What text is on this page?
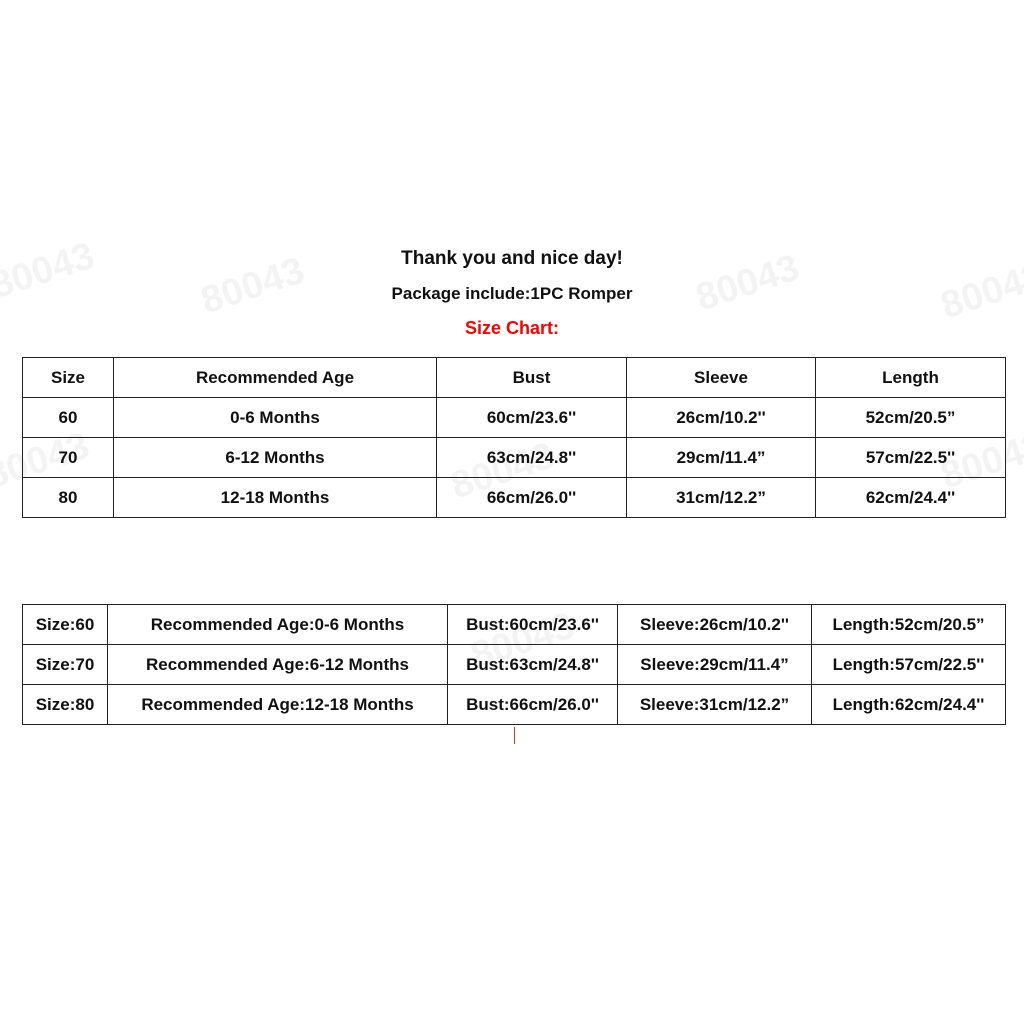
Thank you and nice day!
Package include:1PC Romper
Size Chart:
Size	Recommended Age	Bust	Sleeve	Length
60	0-6 Months	60cm/23.6''	26cm/10.2''	52cm/20.5”
70	6-12 Months	63cm/24.8''	29cm/11.4”	57cm/22.5''
80	12-18 Months	66cm/26.0''	31cm/12.2”	62cm/24.4''
Size:60	Recommended Age:0-6 Months	Bust:60cm/23.6''	Sleeve:26cm/10.2''	Length:52cm/20.5”
Size:70	Recommended Age:6-12 Months	Bust:63cm/24.8''	Sleeve:29cm/11.4”	Length:57cm/22.5''
Size:80	Recommended Age:12-18 Months	Bust:66cm/26.0''	Sleeve:31cm/12.2”	Length:62cm/24.4''
